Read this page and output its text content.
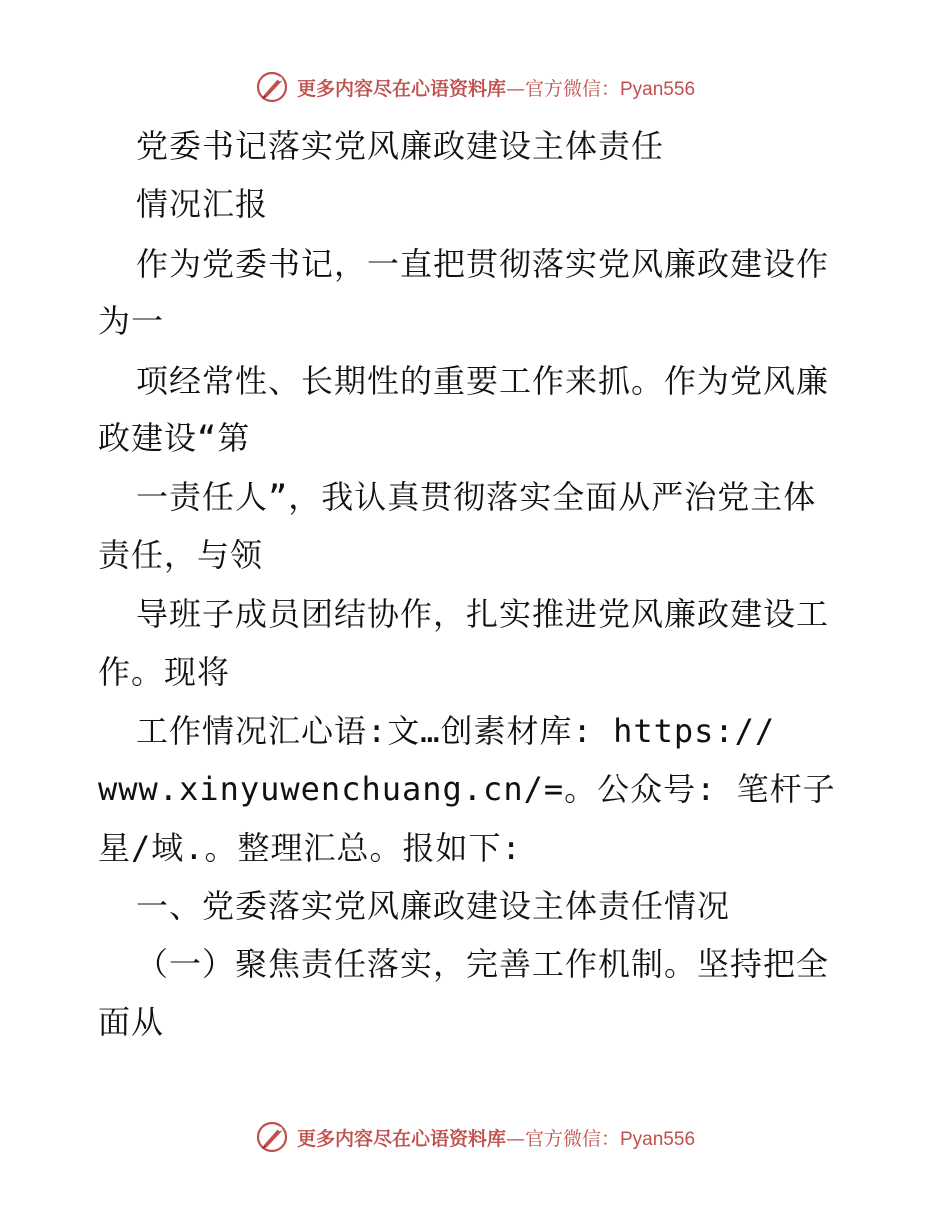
更多内容尽在心语资料库—官方微信：Pyan556
党委书记落实党风廉政建设主体责任
情况汇报
作为党委书记，一直把贯彻落实党风廉政建设作
为一
项经常性、长期性的重要工作来抓。作为党风廉
政建设“第
一责任人”，我认真贯彻落实全面从严治党主体
责任，与领
导班子成员团结协作，扎实推进党风廉政建设工
作。现将
工作情况汇心语:文…创素材库: https://
www.xinyuwenchuang.cn/=。公众号: 笔杆子
星/域.。整理汇总。报如下:
一、党委落实党风廉政建设主体责任情况
（一）聚焦责任落实，完善工作机制。坚持把全
面从
更多内容尽在心语资料库—官方微信：Pyan556
